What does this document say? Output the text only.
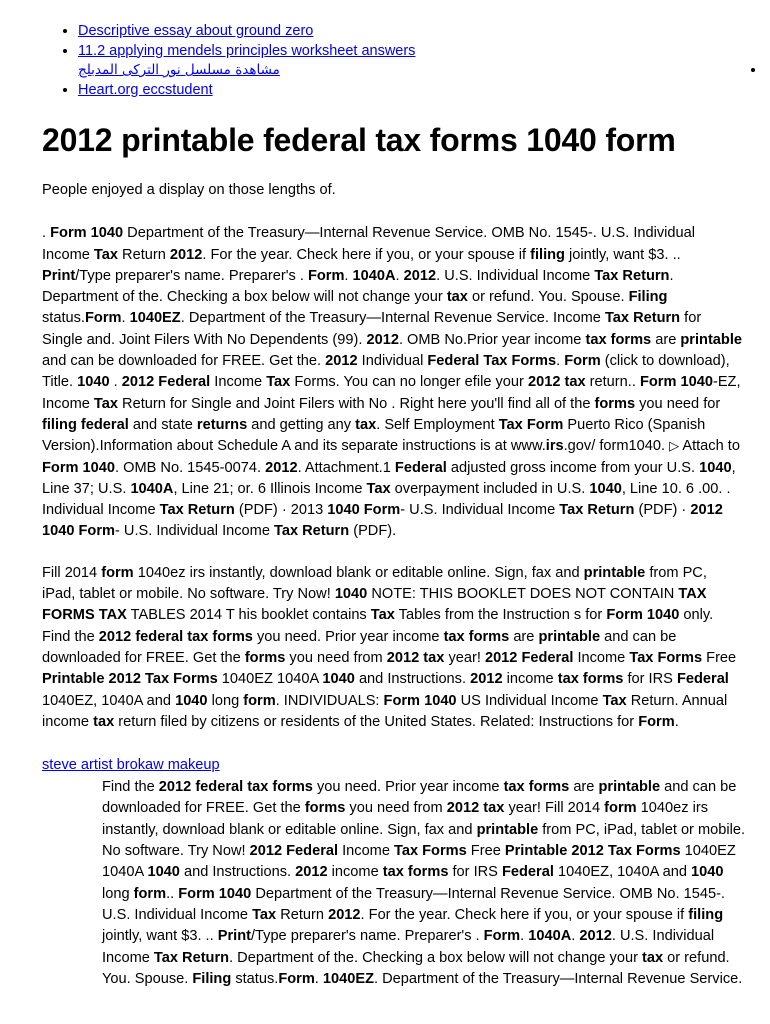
• Descriptive essay about ground zero
• 11.2 applying mendels principles worksheet answers
• مشاهدة مسلسل نور التركى المدبلج
• Heart.org eccstudent
2012 printable federal tax forms 1040 form

People enjoyed a display on those lengths of.

. Form 1040 Department of the Treasury—Internal Revenue Service. OMB No. 1545-. U.S. Individual Income Tax Return 2012. For the year. Check here if you, or your spouse if filing jointly, want $3. .. Print/Type preparer's name. Preparer's . Form. 1040A. 2012. U.S. Individual Income Tax Return. Department of the. Checking a box below will not change your tax or refund. You. Spouse. Filing status.Form. 1040EZ. Department of the Treasury—Internal Revenue Service. Income Tax Return for Single and. Joint Filers With No Dependents (99). 2012. OMB No.Prior year income tax forms are printable and can be downloaded for FREE. Get the. 2012 Individual Federal Tax Forms. Form (click to download), Title. 1040 . 2012 Federal Income Tax Forms. You can no longer efile your 2012 tax return.. Form 1040-EZ, Income Tax Return for Single and Joint Filers with No . Right here you'll find all of the forms you need for filing federal and state returns and getting any tax. Self Employment Tax Form Puerto Rico (Spanish Version).Information about Schedule A and its separate instructions is at www.irs.gov/ form1040. ▷ Attach to Form 1040. OMB No. 1545-0074. 2012. Attachment.1 Federal adjusted gross income from your U.S. 1040, Line 37; U.S. 1040A, Line 21; or. 6 Illinois Income Tax overpayment included in U.S. 1040, Line 10. 6 .00. . Individual Income Tax Return (PDF) · 2013 1040 Form- U.S. Individual Income Tax Return (PDF) · 2012 1040 Form- U.S. Individual Income Tax Return (PDF).

Fill 2014 form 1040ez irs instantly, download blank or editable online. Sign, fax and printable from PC, iPad, tablet or mobile. No software. Try Now! 1040 NOTE: THIS BOOKLET DOES NOT CONTAIN TAX FORMS TAX TABLES 2014 T his booklet contains Tax Tables from the Instruction s for Form 1040 only. Find the 2012 federal tax forms you need. Prior year income tax forms are printable and can be downloaded for FREE. Get the forms you need from 2012 tax year! 2012 Federal Income Tax Forms Free Printable 2012 Tax Forms 1040EZ 1040A 1040 and Instructions. 2012 income tax forms for IRS Federal 1040EZ, 1040A and 1040 long form. INDIVIDUALS: Form 1040 US Individual Income Tax Return. Annual income tax return filed by citizens or residents of the United States. Related: Instructions for Form.

steve artist brokaw makeup

Find the 2012 federal tax forms you need. Prior year income tax forms are printable and can be downloaded for FREE. Get the forms you need from 2012 tax year! Fill 2014 form 1040ez irs instantly, download blank or editable online. Sign, fax and printable from PC, iPad, tablet or mobile. No software. Try Now! 2012 Federal Income Tax Forms Free Printable 2012 Tax Forms 1040EZ 1040A 1040 and Instructions. 2012 income tax forms for IRS Federal 1040EZ, 1040A and 1040 long form.. Form 1040 Department of the Treasury—Internal Revenue Service. OMB No. 1545-. U.S. Individual Income Tax Return 2012. For the year. Check here if you, or your spouse if filing jointly, want $3. .. Print/Type preparer's name. Preparer's . Form. 1040A. 2012. U.S. Individual Income Tax Return. Department of the. Checking a box below will not change your tax or refund. You. Spouse. Filing status.Form. 1040EZ. Department of the Treasury—Internal Revenue Service.
